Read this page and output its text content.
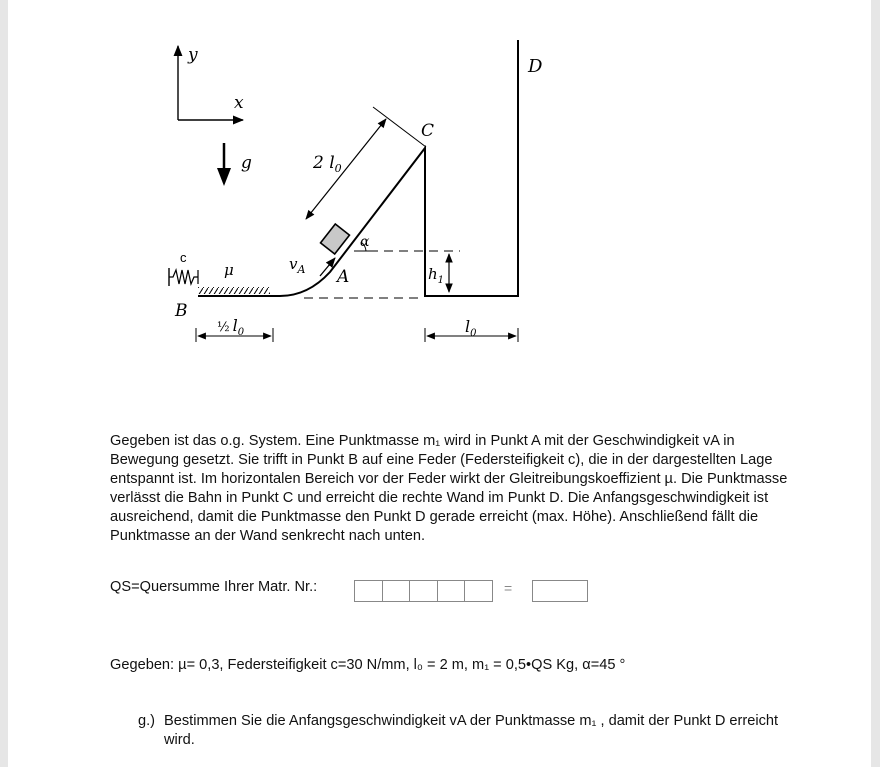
y
x
g
c
μ
B
$v_A$ A
α
2 $l_0$
C
D
$h_1$
½ $l_0$	$l_0$
Gegeben ist das o.g. System. Eine Punktmasse m₁ wird in Punkt A mit der Geschwindigkeit vA in Bewegung gesetzt. Sie trifft in Punkt B auf eine Feder (Federsteifigkeit c), die in der dargestellten Lage entspannt ist. Im horizontalen Bereich vor der Feder wirkt der Gleitreibungskoeffizient µ. Die Punktmasse verlässt die Bahn in Punkt C und erreicht die rechte Wand im Punkt D. Die Anfangsgeschwindigkeit ist ausreichend, damit die Punktmasse den Punkt D gerade erreicht (max. Höhe). Anschließend fällt die Punktmasse an der Wand senkrecht nach unten.
QS=Quersumme Ihrer Matr. Nr.:	=
Gegeben: µ= 0,3, Federsteifigkeit c=30 N/mm, l₀ = 2 m, m₁ = 0,5•QS Kg, α=45 °
g.) Bestimmen Sie die Anfangsgeschwindigkeit vA der Punktmasse m₁ , damit der Punkt D erreicht wird.
